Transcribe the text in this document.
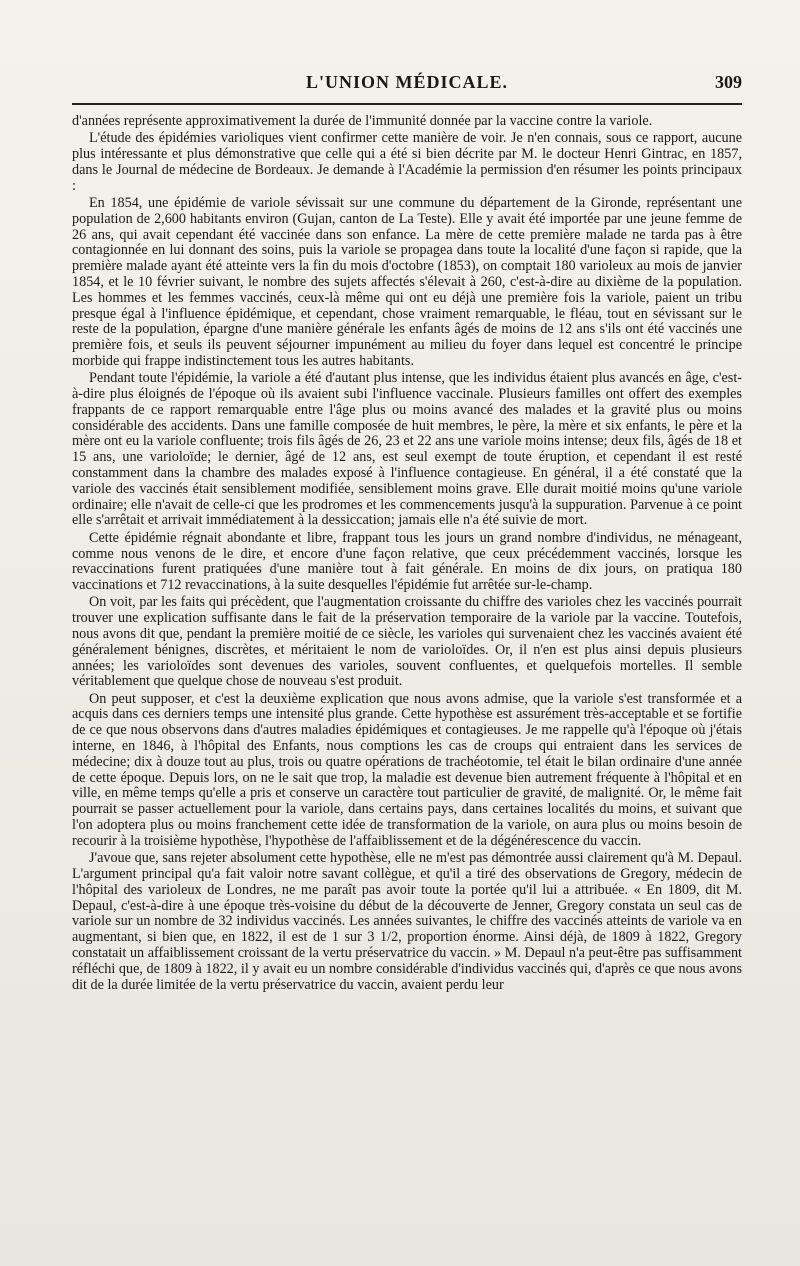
L'UNION MÉDICALE.	309

d'années représente approximativement la durée de l'immunité donnée par la vaccine contre la variole.

L'étude des épidémies varioliques vient confirmer cette manière de voir. Je n'en connais, sous ce rapport, aucune plus intéressante et plus démonstrative que celle qui a été si bien décrite par M. le docteur Henri Gintrac, en 1857, dans le Journal de médecine de Bordeaux. Je demande à l'Académie la permission d'en résumer les points principaux :

En 1854, une épidémie de variole sévissait sur une commune du département de la Gironde, représentant une population de 2,600 habitants environ (Gujan, canton de La Teste). Elle y avait été importée par une jeune femme de 26 ans, qui avait cependant été vaccinée dans son enfance. La mère de cette première malade ne tarda pas à être contagionnée en lui donnant des soins, puis la variole se propagea dans toute la localité d'une façon si rapide, que la première malade ayant été atteinte vers la fin du mois d'octobre (1853), on comptait 180 varioleux au mois de janvier 1854, et le 10 février suivant, le nombre des sujets affectés s'élevait à 260, c'est-à-dire au dixième de la population. Les hommes et les femmes vaccinés, ceux-là même qui ont eu déjà une première fois la variole, paient un tribu presque égal à l'influence épidémique, et cependant, chose vraiment remarquable, le fléau, tout en sévissant sur le reste de la population, épargne d'une manière générale les enfants âgés de moins de 12 ans s'ils ont été vaccinés une première fois, et seuls ils peuvent séjourner impunément au milieu du foyer dans lequel est concentré le principe morbide qui frappe indistinctement tous les autres habitants.

Pendant toute l'épidémie, la variole a été d'autant plus intense, que les individus étaient plus avancés en âge, c'est-à-dire plus éloignés de l'époque où ils avaient subi l'influence vaccinale. Plusieurs familles ont offert des exemples frappants de ce rapport remarquable entre l'âge plus ou moins avancé des malades et la gravité plus ou moins considérable des accidents. Dans une famille composée de huit membres, le père, la mère et six enfants, le père et la mère ont eu la variole confluente; trois fils âgés de 26, 23 et 22 ans une variole moins intense; deux fils, âgés de 18 et 15 ans, une varioloïde; le dernier, âgé de 12 ans, est seul exempt de toute éruption, et cependant il est resté constamment dans la chambre des malades exposé à l'influence contagieuse. En général, il a été constaté que la variole des vaccinés était sensiblement modifiée, sensiblement moins grave. Elle durait moitié moins qu'une variole ordinaire; elle n'avait de celle-ci que les prodromes et les commencements jusqu'à la suppuration. Parvenue à ce point elle s'arrêtait et arrivait immédiatement à la dessiccation; jamais elle n'a été suivie de mort.

Cette épidémie régnait abondante et libre, frappant tous les jours un grand nombre d'individus, ne ménageant, comme nous venons de le dire, et encore d'une façon relative, que ceux précédemment vaccinés, lorsque les revaccinations furent pratiquées d'une manière tout à fait générale. En moins de dix jours, on pratiqua 180 vaccinations et 712 revaccinations, à la suite desquelles l'épidémie fut arrêtée sur-le-champ.

On voit, par les faits qui précèdent, que l'augmentation croissante du chiffre des varioles chez les vaccinés pourrait trouver une explication suffisante dans le fait de la préservation temporaire de la variole par la vaccine. Toutefois, nous avons dit que, pendant la première moitié de ce siècle, les varioles qui survenaient chez les vaccinés avaient été généralement bénignes, discrètes, et méritaient le nom de varioloïdes. Or, il n'en est plus ainsi depuis plusieurs années; les varioloïdes sont devenues des varioles, souvent confluentes, et quelquefois mortelles. Il semble véritablement que quelque chose de nouveau s'est produit.

On peut supposer, et c'est la deuxième explication que nous avons admise, que la variole s'est transformée et a acquis dans ces derniers temps une intensité plus grande. Cette hypothèse est assurément très-acceptable et se fortifie de ce que nous observons dans d'autres maladies épidémiques et contagieuses. Je me rappelle qu'à l'époque où j'étais interne, en 1846, à l'hôpital des Enfants, nous comptions les cas de croups qui entraient dans les services de médecine; dix à douze tout au plus, trois ou quatre opérations de trachéotomie, tel était le bilan ordinaire d'une année de cette époque. Depuis lors, on ne le sait que trop, la maladie est devenue bien autrement fréquente à l'hôpital et en ville, en même temps qu'elle a pris et conserve un caractère tout particulier de gravité, de malignité. Or, le même fait pourrait se passer actuellement pour la variole, dans certains pays, dans certaines localités du moins, et suivant que l'on adoptera plus ou moins franchement cette idée de transformation de la variole, on aura plus ou moins besoin de recourir à la troisième hypothèse, l'hypothèse de l'affaiblissement et de la dégénérescence du vaccin.

J'avoue que, sans rejeter absolument cette hypothèse, elle ne m'est pas démontrée aussi clairement qu'à M. Depaul. L'argument principal qu'a fait valoir notre savant collègue, et qu'il a tiré des observations de Gregory, médecin de l'hôpital des varioleux de Londres, ne me paraît pas avoir toute la portée qu'il lui a attribuée. « En 1809, dit M. Depaul, c'est-à-dire à une époque très-voisine du début de la découverte de Jenner, Gregory constata un seul cas de variole sur un nombre de 32 individus vaccinés. Les années suivantes, le chiffre des vaccinés atteints de variole va en augmentant, si bien que, en 1822, il est de 1 sur 3 1/2, proportion énorme. Ainsi déjà, de 1809 à 1822, Gregory constatait un affaiblissement croissant de la vertu préservatrice du vaccin. » M. Depaul n'a peut-être pas suffisamment réfléchi que, de 1809 à 1822, il y avait eu un nombre considérable d'individus vaccinés qui, d'après ce que nous avons dit de la durée limitée de la vertu préservatrice du vaccin, avaient perdu leur
